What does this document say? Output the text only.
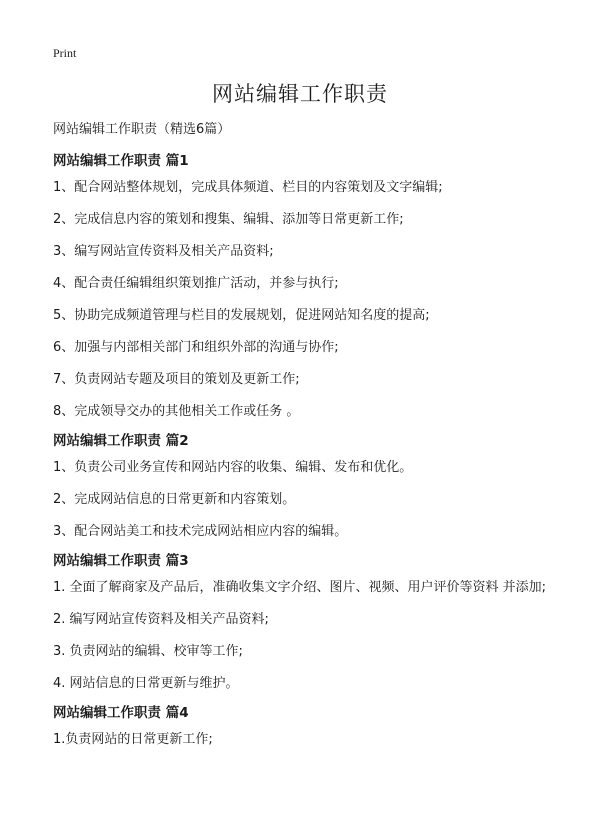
Print
网站编辑工作职责
网站编辑工作职责（精选6篇）
网站编辑工作职责 篇1
1、配合网站整体规划，完成具体频道、栏目的内容策划及文字编辑;
2、完成信息内容的策划和搜集、编辑、添加等日常更新工作;
3、编写网站宣传资料及相关产品资料;
4、配合责任编辑组织策划推广活动，并参与执行;
5、协助完成频道管理与栏目的发展规划，促进网站知名度的提高;
6、加强与内部相关部门和组织外部的沟通与协作;
7、负责网站专题及项目的策划及更新工作;
8、完成领导交办的其他相关工作或任务 。
网站编辑工作职责 篇2
1、负责公司业务宣传和网站内容的收集、编辑、发布和优化。
2、完成网站信息的日常更新和内容策划。
3、配合网站美工和技术完成网站相应内容的编辑。
网站编辑工作职责 篇3
1. 全面了解商家及产品后，准确收集文字介绍、图片、视频、用户评价等资料 并添加;
2. 编写网站宣传资料及相关产品资料;
3. 负责网站的编辑、校审等工作;
4. 网站信息的日常更新与维护。
网站编辑工作职责 篇4
1.负责网站的日常更新工作;
